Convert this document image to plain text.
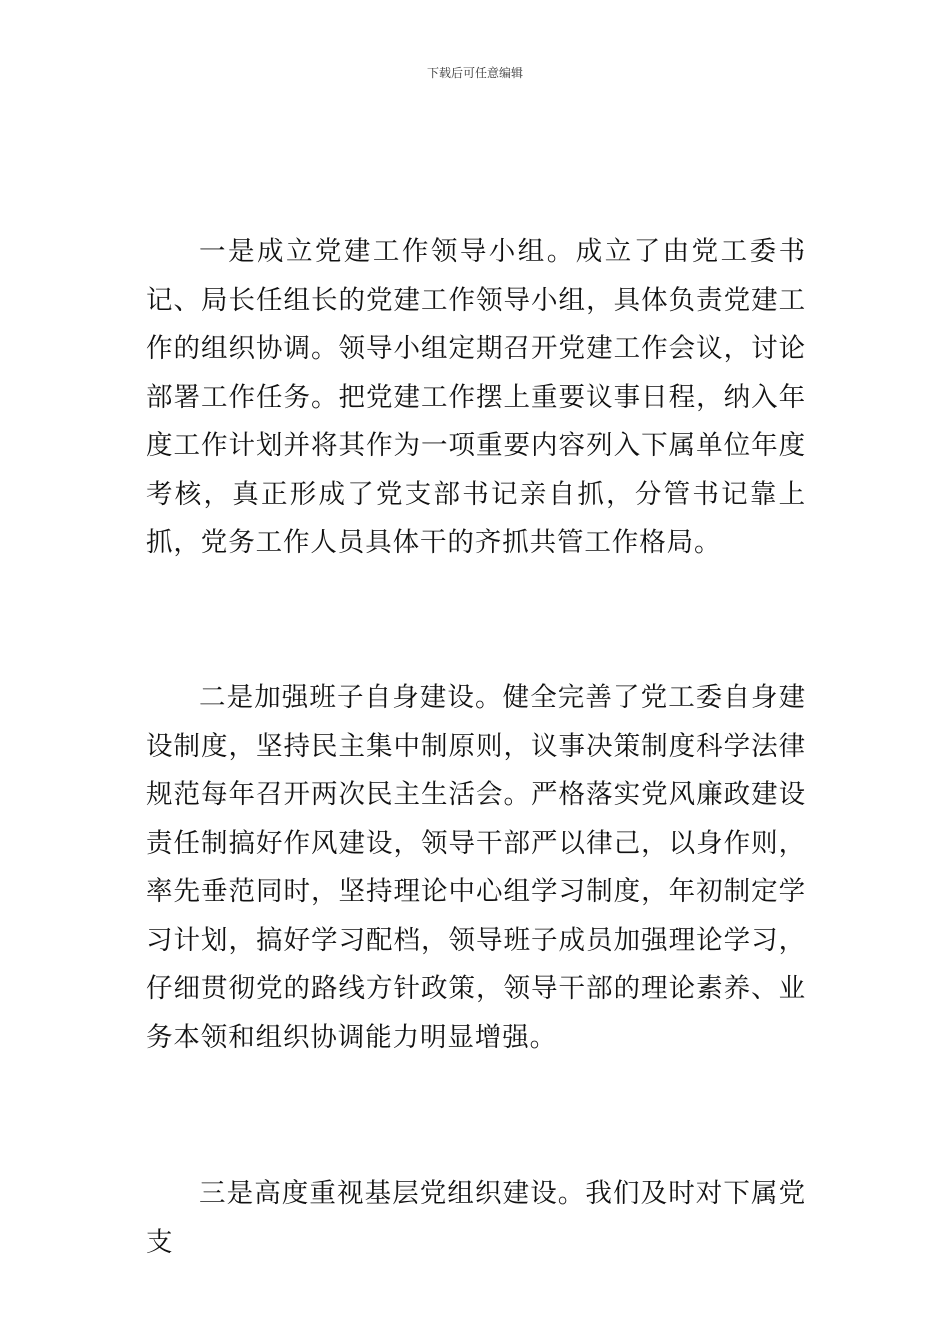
下载后可任意编辑

一是成立党建工作领导小组。成立了由党工委书记、局长任组长的党建工作领导小组，具体负责党建工作的组织协调。领导小组定期召开党建工作会议，讨论部署工作任务。把党建工作摆上重要议事日程，纳入年度工作计划并将其作为一项重要内容列入下属单位年度考核，真正形成了党支部书记亲自抓，分管书记靠上抓，党务工作人员具体干的齐抓共管工作格局。

二是加强班子自身建设。健全完善了党工委自身建设制度，坚持民主集中制原则，议事决策制度科学法律规范每年召开两次民主生活会。严格落实党风廉政建设责任制搞好作风建设，领导干部严以律己，以身作则，率先垂范同时，坚持理论中心组学习制度，年初制定学习计划，搞好学习配档，领导班子成员加强理论学习，仔细贯彻党的路线方针政策，领导干部的理论素养、业务本领和组织协调能力明显增强。

三是高度重视基层党组织建设。我们及时对下属党支
